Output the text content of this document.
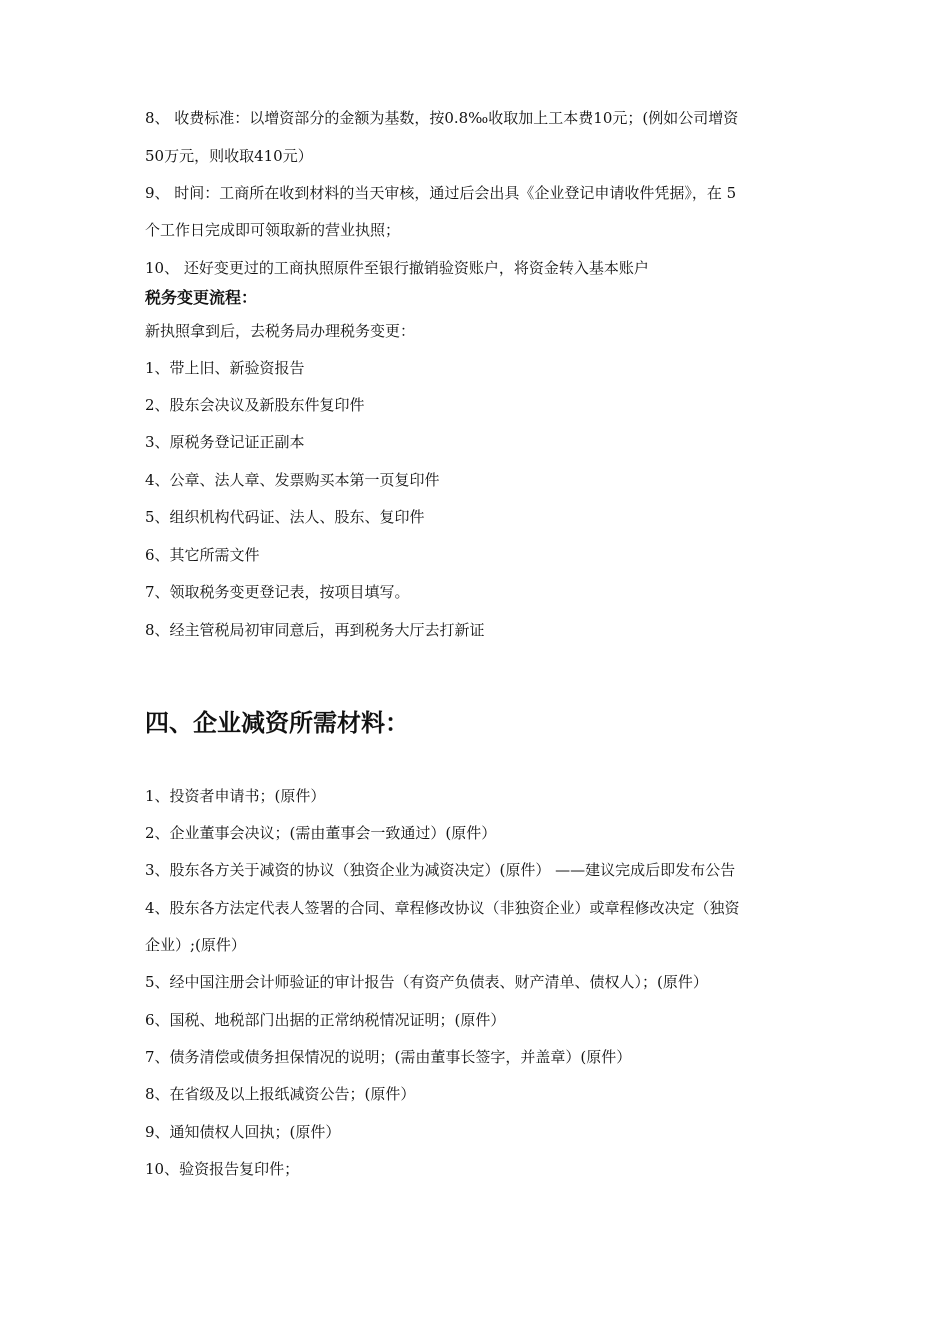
8、 收费标准：以增资部分的金额为基数，按0.8‰收取加上工本费10元；(例如公司增资
50万元，则收取410元）
9、 时间：工商所在收到材料的当天审核，通过后会出具《企业登记申请收件凭据》，在 5
个工作日完成即可领取新的营业执照；
10、 还好变更过的工商执照原件至银行撤销验资账户，将资金转入基本账户
税务变更流程：
新执照拿到后，去税务局办理税务变更：
1、带上旧、新验资报告
2、股东会决议及新股东件复印件
3、原税务登记证正副本
4、公章、法人章、发票购买本第一页复印件
5、组织机构代码证、法人、股东、复印件
6、其它所需文件
7、领取税务变更登记表，按项目填写。
8、经主管税局初审同意后，再到税务大厅去打新证
四、企业减资所需材料：
1、投资者申请书；(原件）
2、企业董事会决议；(需由董事会一致通过）(原件）
3、股东各方关于减资的协议（独资企业为减资决定）(原件） ——建议完成后即发布公告
4、股东各方法定代表人签署的合同、章程修改协议（非独资企业）或章程修改决定（独资
企业）;(原件）
5、经中国注册会计师验证的审计报告（有资产负债表、财产清单、债权人）；(原件）
6、国税、地税部门出据的正常纳税情况证明；(原件）
7、债务清偿或债务担保情况的说明；(需由董事长签字，并盖章）(原件）
8、在省级及以上报纸减资公告；(原件）
9、通知债权人回执；(原件）
10、验资报告复印件；
